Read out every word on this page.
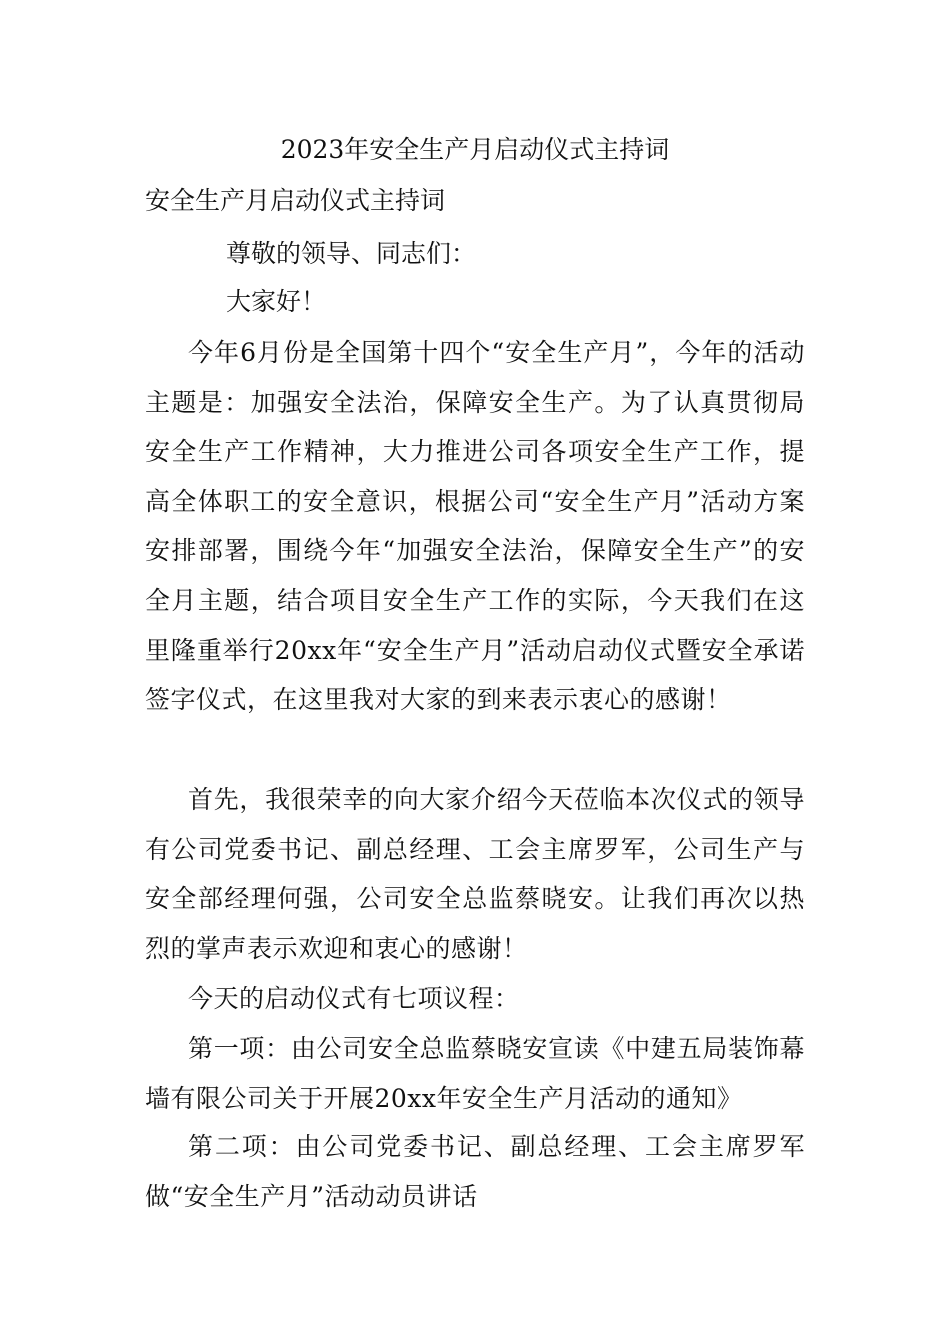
2023年安全生产月启动仪式主持词
安全生产月启动仪式主持词
尊敬的领导、同志们：
大家好！
今年6月份是全国第十四个“安全生产月”，今年的活动主题是：加强安全法治，保障安全生产。为了认真贯彻局安全生产工作精神，大力推进公司各项安全生产工作，提高全体职工的安全意识，根据公司“安全生产月”活动方案安排部署，围绕今年“加强安全法治，保障安全生产”的安全月主题，结合项目安全生产工作的实际，今天我们在这里隆重举行20xx年“安全生产月”活动启动仪式暨安全承诺签字仪式，在这里我对大家的到来表示衷心的感谢！
首先，我很荣幸的向大家介绍今天莅临本次仪式的领导有公司党委书记、副总经理、工会主席罗军，公司生产与安全部经理何强，公司安全总监蔡晓安。让我们再次以热烈的掌声表示欢迎和衷心的感谢！
今天的启动仪式有七项议程：
第一项：由公司安全总监蔡晓安宣读《中建五局装饰幕墙有限公司关于开展20xx年安全生产月活动的通知》
第二项：由公司党委书记、副总经理、工会主席罗军做“安全生产月”活动动员讲话
